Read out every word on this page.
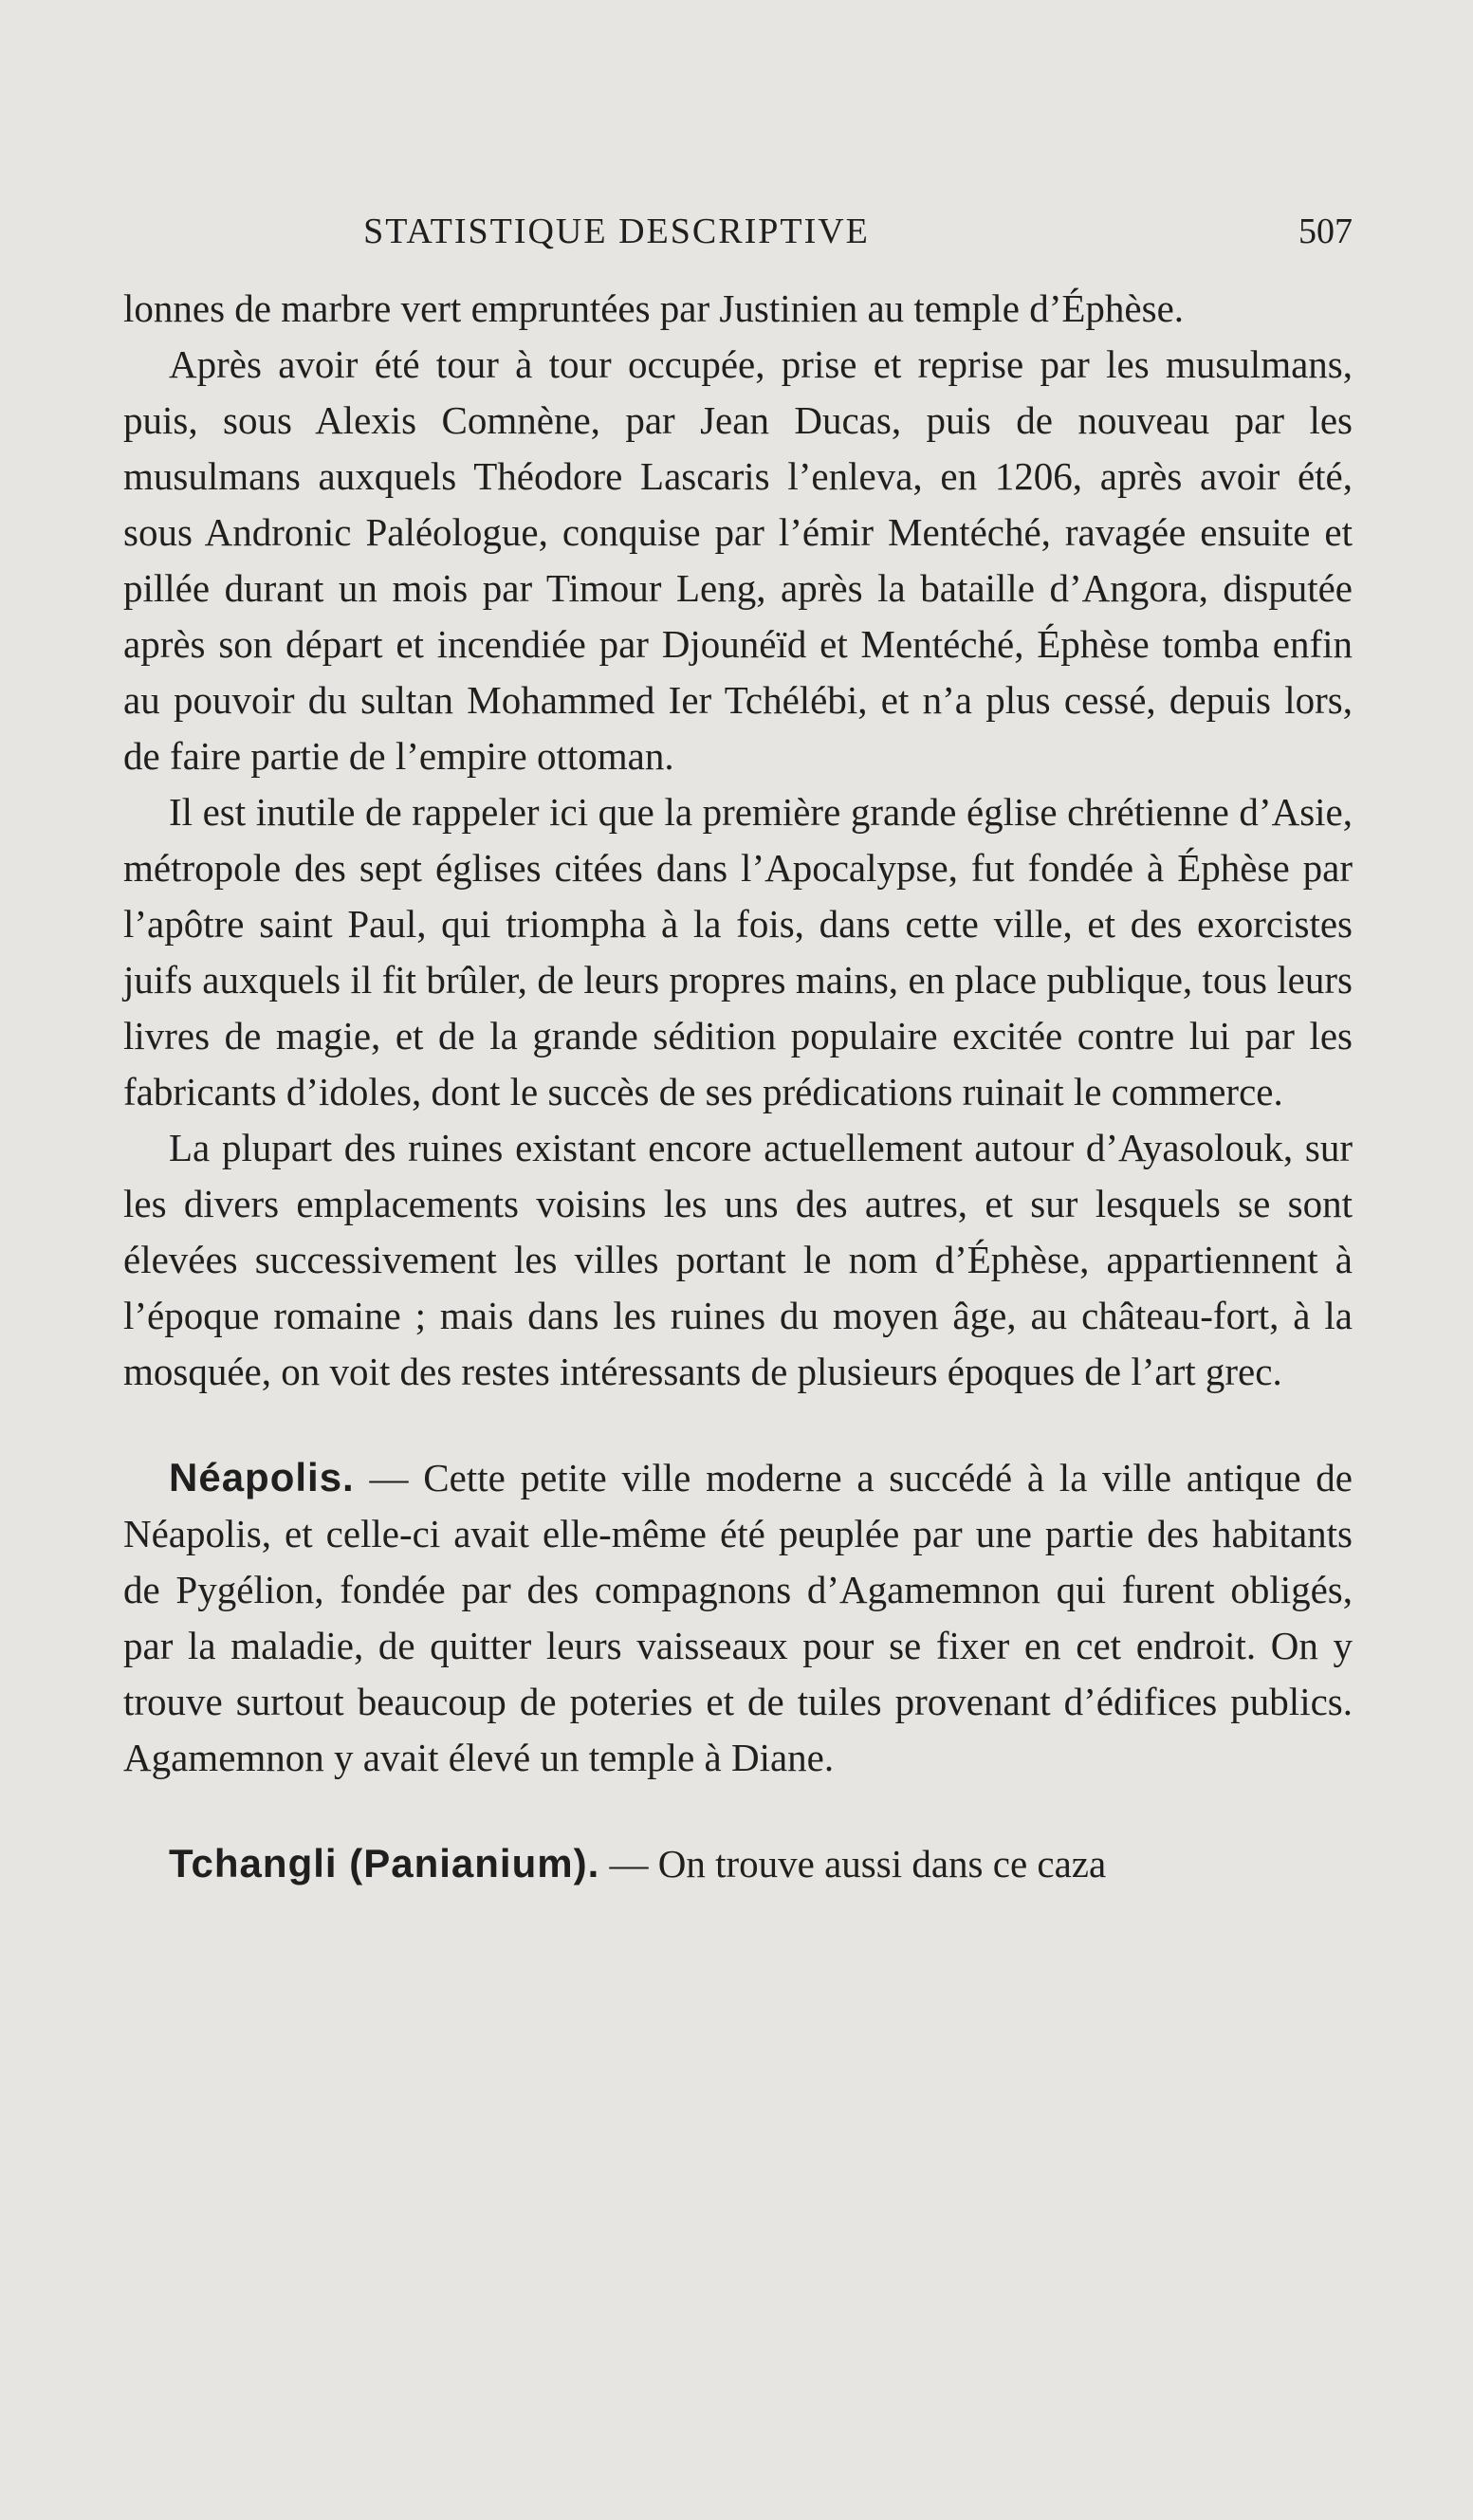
STATISTIQUE DESCRIPTIVE	507

lonnes de marbre vert empruntées par Justinien au temple d’Éphèse.

Après avoir été tour à tour occupée, prise et reprise par les musulmans, puis, sous Alexis Comnène, par Jean Ducas, puis de nouveau par les musulmans auxquels Théodore Lascaris l’enleva, en 1206, après avoir été, sous Andronic Paléologue, conquise par l’émir Mentéché, ravagée ensuite et pillée durant un mois par Timour Leng, après la bataille d’Angora, disputée après son départ et incendiée par Djounéïd et Mentéché, Éphèse tomba enfin au pouvoir du sultan Mohammed Ier Tchélébi, et n’a plus cessé, depuis lors, de faire partie de l’empire ottoman.

Il est inutile de rappeler ici que la première grande église chrétienne d’Asie, métropole des sept églises citées dans l’Apocalypse, fut fondée à Éphèse par l’apôtre saint Paul, qui triompha à la fois, dans cette ville, et des exorcistes juifs auxquels il fit brûler, de leurs propres mains, en place publique, tous leurs livres de magie, et de la grande sédition populaire excitée contre lui par les fabricants d’idoles, dont le succès de ses prédications ruinait le commerce.

La plupart des ruines existant encore actuellement autour d’Ayasolouk, sur les divers emplacements voisins les uns des autres, et sur lesquels se sont élevées successivement les villes portant le nom d’Éphèse, appartiennent à l’époque romaine ; mais dans les ruines du moyen âge, au château-fort, à la mosquée, on voit des restes intéressants de plusieurs époques de l’art grec.

Néapolis. — Cette petite ville moderne a succédé à la ville antique de Néapolis, et celle-ci avait elle-même été peuplée par une partie des habitants de Pygélion, fondée par des compagnons d’Agamemnon qui furent obligés, par la maladie, de quitter leurs vaisseaux pour se fixer en cet endroit. On y trouve surtout beaucoup de poteries et de tuiles provenant d’édifices publics. Agamemnon y avait élevé un temple à Diane.

Tchangli (Panianium). — On trouve aussi dans ce caza
